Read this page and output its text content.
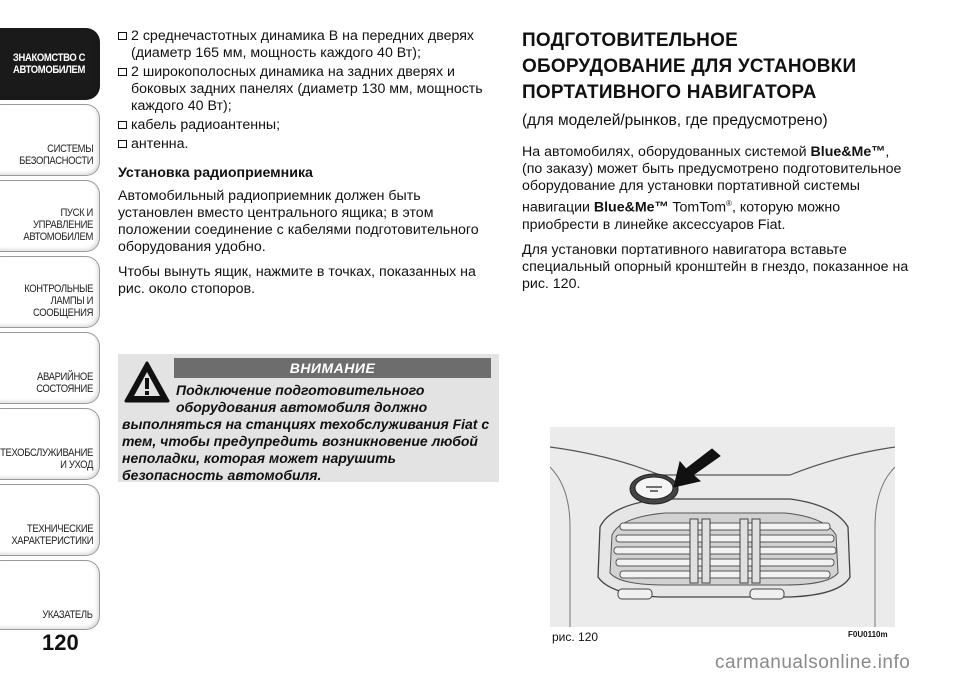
ЗНАКОМСТВО С
АВТОМОБИЛЕМ
СИСТЕМЫ
БЕЗОПАСНОСТИ
ПУСК И УПРАВЛЕНИЕ
АВТОМОБИЛЕМ
КОНТРОЛЬНЫЕ
ЛАМПЫ И
СООБЩЕНИЯ
АВАРИЙНОЕ
СОСТОЯНИЕ
ТЕХОБСЛУЖИВАНИЕ
И УХОД
ТЕХНИЧЕСКИЕ
ХАРАКТЕРИСТИКИ
УКАЗАТЕЛЬ
120
2 среднечастотных динамика В на передних дверях (диаметр 165 мм, мощность каждого 40 Вт);
2 широкополосных динамика на задних дверях и боковых задних панелях (диаметр 130 мм, мощность каждого 40 Вт);
кабель радиоантенны;
антенна.
Установка радиоприемника
Автомобильный радиоприемник должен быть установлен вместо центрального ящика; в этом положении соединение с кабелями подготовительного оборудования удобно.
Чтобы вынуть ящик, нажмите в точках, показанных на рис. около стопоров.
ВНИМАНИЕ
Подключение подготовительного оборудования автомобиля должно
выполняться на станциях техобслуживания Fiat с тем, чтобы предупредить возникновение любой неполадки, которая может нарушить безопасность автомобиля.
ПОДГОТОВИТЕЛЬНОЕ ОБОРУДОВАНИЕ ДЛЯ УСТАНОВКИ ПОРТАТИВНОГО НАВИГАТОРА
(для моделей/рынков, где предусмотрено)
На автомобилях, оборудованных системой Blue&Me™, (по заказу) может быть предусмотрено подготовительное оборудование для установки портативной системы навигации Blue&Me™ TomTom®, которую можно приобрести в линейке аксессуаров Fiat.
Для установки портативного навигатора вставьте специальный опорный кронштейн в гнездо, показанное на рис. 120.
рис. 120	F0U0110m
carmanualsonline.info
